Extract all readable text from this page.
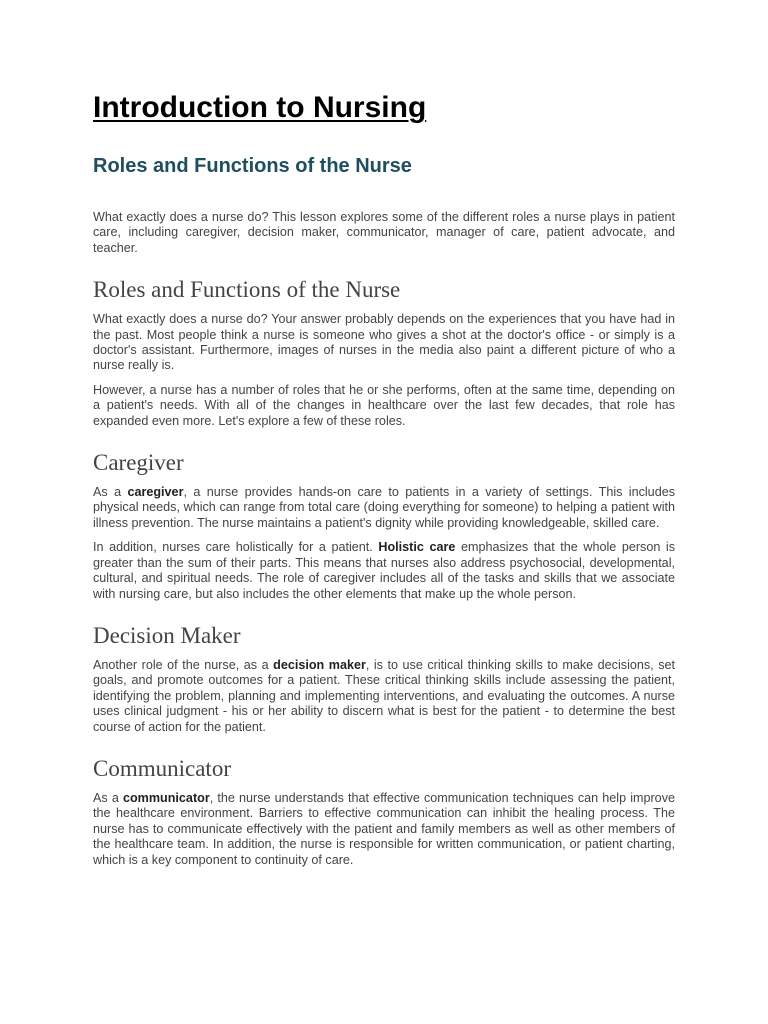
Introduction to Nursing
Roles and Functions of the Nurse

What exactly does a nurse do? This lesson explores some of the different roles a nurse plays in patient care, including caregiver, decision maker, communicator, manager of care, patient advocate, and teacher.

Roles and Functions of the Nurse

What exactly does a nurse do? Your answer probably depends on the experiences that you have had in the past. Most people think a nurse is someone who gives a shot at the doctor's office - or simply is a doctor's assistant. Furthermore, images of nurses in the media also paint a different picture of who a nurse really is.

However, a nurse has a number of roles that he or she performs, often at the same time, depending on a patient's needs. With all of the changes in healthcare over the last few decades, that role has expanded even more. Let's explore a few of these roles.

Caregiver

As a caregiver, a nurse provides hands-on care to patients in a variety of settings. This includes physical needs, which can range from total care (doing everything for someone) to helping a patient with illness prevention. The nurse maintains a patient's dignity while providing knowledgeable, skilled care.

In addition, nurses care holistically for a patient. Holistic care emphasizes that the whole person is greater than the sum of their parts. This means that nurses also address psychosocial, developmental, cultural, and spiritual needs. The role of caregiver includes all of the tasks and skills that we associate with nursing care, but also includes the other elements that make up the whole person.

Decision Maker

Another role of the nurse, as a decision maker, is to use critical thinking skills to make decisions, set goals, and promote outcomes for a patient. These critical thinking skills include assessing the patient, identifying the problem, planning and implementing interventions, and evaluating the outcomes. A nurse uses clinical judgment - his or her ability to discern what is best for the patient - to determine the best course of action for the patient.

Communicator

As a communicator, the nurse understands that effective communication techniques can help improve the healthcare environment. Barriers to effective communication can inhibit the healing process. The nurse has to communicate effectively with the patient and family members as well as other members of the healthcare team. In addition, the nurse is responsible for written communication, or patient charting, which is a key component to continuity of care.
